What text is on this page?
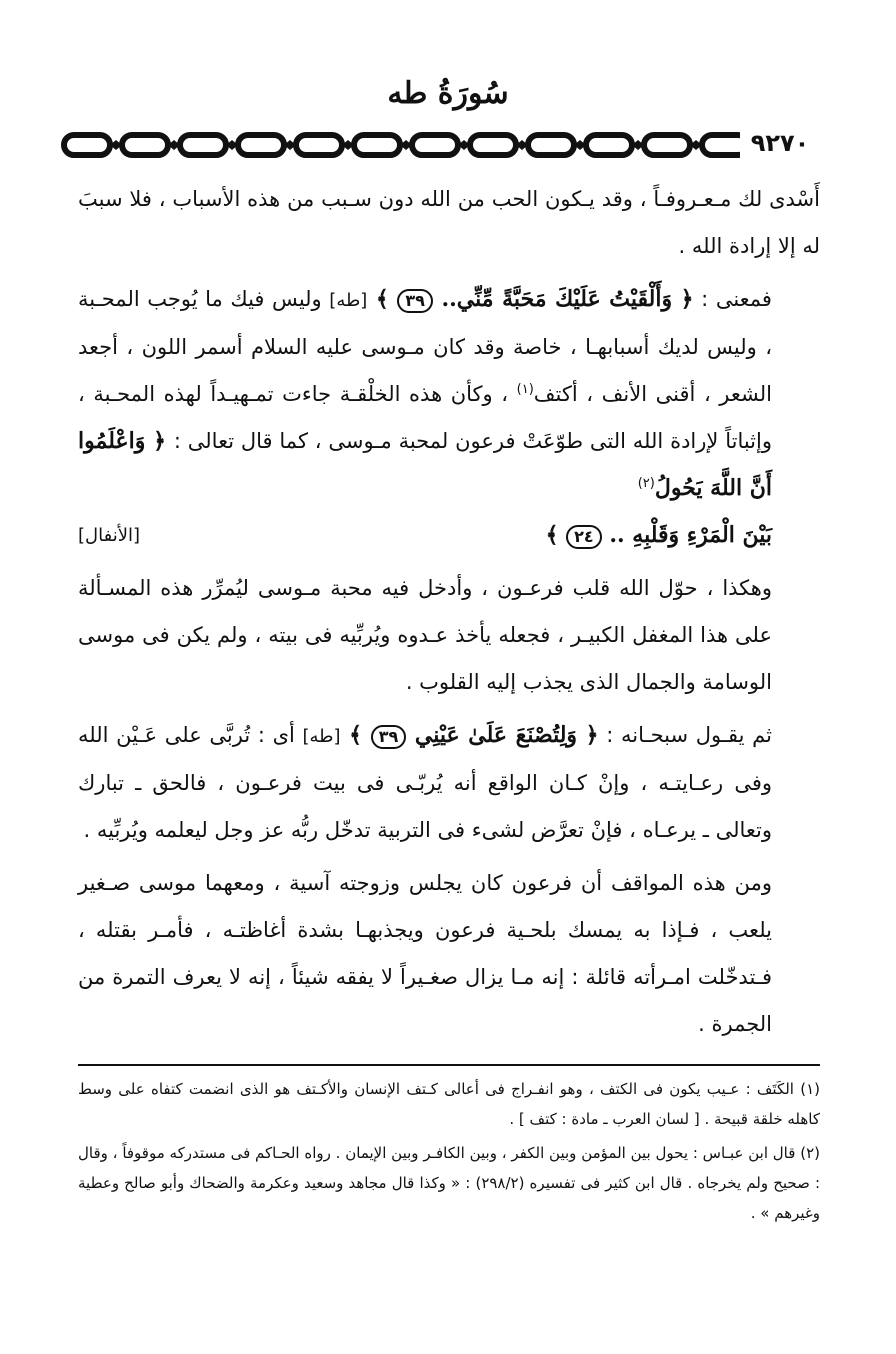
سُورَةُ طه
٩٢٧٠

أَسْدى لك مـعـروفـاً ، وقد يـكون الحب من الله دون سـبب من هذه الأسباب ، فلا سببَ له إلا إرادة الله .

فمعنى : ﴿ وَأَلْقَيْتُ عَلَيْكَ مَحَبَّةً مِّنِّي.. ٣٩ ﴾ [طه] وليس فيك ما يُوجب المحـبة ، وليس لديك أسبابهـا ، خاصة وقد كان مـوسى عليه السلام أسمر اللون ، أجعد الشعر ، أقنى الأنف ، أكتف$^{(١)}$ ، وكأن هذه الخلْقـة جاءت تمـهيـداً لهذه المحـبة ، وإثباتاً لإرادة الله التى طوّعَتْ فرعون لمحبة مـوسى ، كما قال تعالى : ﴿ وَاعْلَمُوا أَنَّ اللَّهَ يَحُولُ$^{(٢)}$
بَيْنَ الْمَرْءِ وَقَلْبِهِ .. ٢٤ ﴾
[الأنفال]

وهكذا ، حوّل الله قلب فرعـون ، وأدخل فيه محبة مـوسى ليُمرِّر هذه المسـألة على هذا المغفل الكبيـر ، فجعله يأخذ عـدوه ويُربِّيه فى بيته ، ولم يكن فى موسى الوسامة والجمال الذى يجذب إليه القلوب .

ثم يقـول سبحـانه : ﴿ وَلِتُصْنَعَ عَلَىٰ عَيْنِي ٣٩ ﴾ [طه] أى : تُربَّى على عَـيْن الله وفى رعـايتـه ، وإنْ كـان الواقع أنه يُربّـى فى بيت فرعـون ، فالحق ـ تبارك وتعالى ـ يرعـاه ، فإنْ تعرَّض لشىء فى التربية تدخّل ربُّه عز وجل ليعلمه ويُربِّيه .

ومن هذه المواقف أن فرعون كان يجلس وزوجته آسية ، ومعهما موسى صـغير يلعب ، فـإذا به يمسك بلحـية فرعون ويجذبهـا بشدة أغاظتـه ، فأمـر بقتله ، فـتدخّلت امـرأته قائلة : إنه مـا يزال صغـيراً لا يفقه شيئاً ، إنه لا يعرف التمرة من الجمرة .

(١) الكَتَف : عـيب يكون فى الكتف ، وهو انفـراج فى أعالى كـتف الإنسان والأكـتف هو الذى انضمت كتفاه على وسط كاهله خلقة قبيحة . [ لسان العرب ـ مادة : كتف ] .

(٢) قال ابن عبـاس : يحول بين المؤمن وبين الكفر ، وبين الكافـر وبين الإيمان . رواه الحـاكم فى مستدركه موقوفاً ، وقال : صحيح ولم يخرجاه . قال ابن كثير فى تفسيره (٢٩٨/٢) : « وكذا قال مجاهد وسعيد وعكرمة والضحاك وأبو صالح وعطية وغيرهم » .
